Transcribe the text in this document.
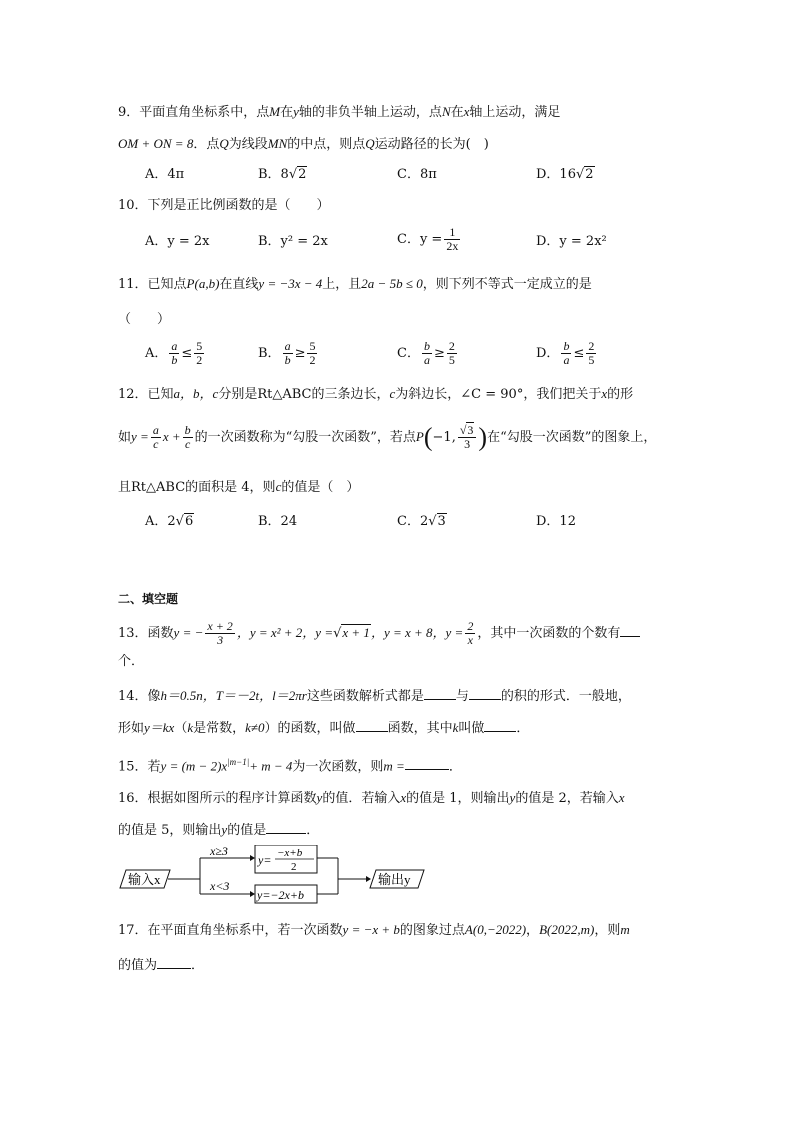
9．平面直角坐标系中，点M在y轴的非负半轴上运动，点N在x轴上运动，满足
OM + ON = 8．点Q为线段MN的中点，则点Q运动路径的长为(　)
A．4π	B．8√2	C．8π	D．16√2
10．下列是正比例函数的是（　　）
A．y = 2x	B．y² = 2x	C．$y = \frac{1}{2x}$	D．y = 2x²
11．已知点P(a,b)在直线y = −3x − 4上，且2a − 5b ≤ 0，则下列不等式一定成立的是
（　　）
A． $\frac{a}{b} \le \frac{5}{2}$	B． $\frac{a}{b} \ge \frac{5}{2}$	C． $\frac{b}{a} \ge \frac{2}{5}$	D． $\frac{b}{a} \le \frac{2}{5}$
12．已知a，b，c分别是Rt△ABC的三条边长，c为斜边长，∠C = 90°，我们把关于x的形
如$y = \frac{a}{c}$ $x + \frac{b}{c}$ 的一次函数称为“勾股一次函数”，若点P(−1, $\frac{√3}{3}$ )在“勾股一次函数”的图象上，
且Rt△ABC的面积是 4，则c的值是（　）
A．2√6	B．24	C．2√3	D．12
二、填空题
13．函数y = − $\frac{x + 2}{3}$ ，y = x² + 2，y =√x + 1，y = x + 8，$y = \frac{2}{x}$ ，其中一次函数的个数有
个．
14．像h＝0.5n，T＝－2t，l＝2πr这些函数解析式都是 与 的积的形式．一般地，
形如y＝kx（k是常数，k≠0）的函数，叫做 函数，其中k叫做 ．
15．若$y = (m - 2)x^{|m-1|}+ m - 4$为一次函数，则m =	．
16．根据如图所示的程序计算函数y的值．若输入x的值是 1，则输出y的值是 2，若输入x
的值是 5，则输出y的值是	．
输入x
x≥3
x<3
y= −x+b
2
y=−2x+b
输出y
17．在平面直角坐标系中，若一次函数y = −x + b的图象过点A(0,−2022)，B(2022,m)，则m
的值为	．
